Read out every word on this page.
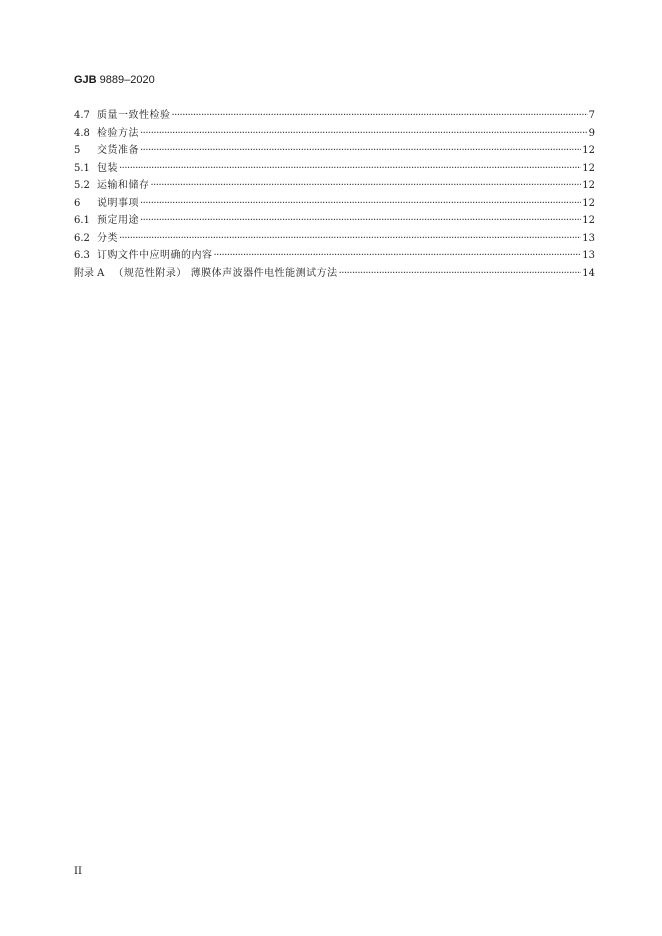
GJB 9889–2020
4.7 质量一致性检验 ·····	7
4.8 检验方法 ·····	9
5	交货准备 ·····	12
5.1 包装 ·····	12
5.2 运输和储存 ·····	12
6	说明事项 ·····	12
6.1 预定用途 ·····	12
6.2 分类 ·····	13
6.3 订购文件中应明确的内容 ·····	13
附录 A （规范性附录） 薄膜体声波器件电性能测试方法 ·····	14
II
